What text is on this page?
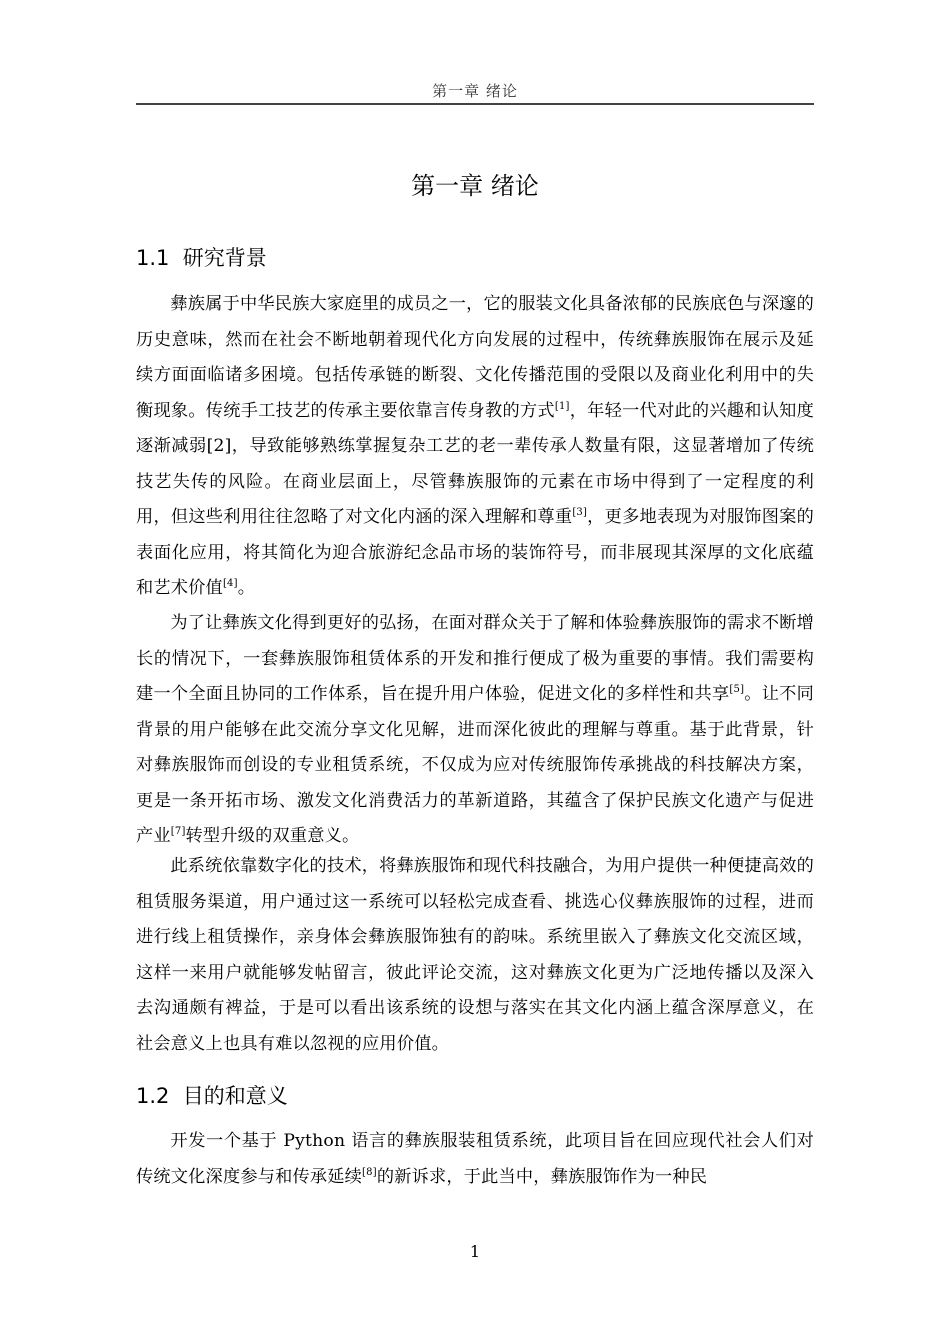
第一章 绪论
第一章 绪论
1.1 研究背景

彝族属于中华民族大家庭里的成员之一，它的服装文化具备浓郁的民族底色与深邃的历史意味，然而在社会不断地朝着现代化方向发展的过程中，传统彝族服饰在展示及延续方面面临诸多困境。包括传承链的断裂、文化传播范围的受限以及商业化利用中的失衡现象。传统手工技艺的传承主要依靠言传身教的方式[1]，年轻一代对此的兴趣和认知度逐渐减弱[2]，导致能够熟练掌握复杂工艺的老一辈传承人数量有限，这显著增加了传统技艺失传的风险。在商业层面上，尽管彝族服饰的元素在市场中得到了一定程度的利用，但这些利用往往忽略了对文化内涵的深入理解和尊重[3]，更多地表现为对服饰图案的表面化应用，将其简化为迎合旅游纪念品市场的装饰符号，而非展现其深厚的文化底蕴和艺术价值[4]。

为了让彝族文化得到更好的弘扬，在面对群众关于了解和体验彝族服饰的需求不断增长的情况下，一套彝族服饰租赁体系的开发和推行便成了极为重要的事情。我们需要构建一个全面且协同的工作体系，旨在提升用户体验，促进文化的多样性和共享[5]。让不同背景的用户能够在此交流分享文化见解，进而深化彼此的理解与尊重。基于此背景，针对彝族服饰而创设的专业租赁系统，不仅成为应对传统服饰传承挑战的科技解决方案，更是一条开拓市场、激发文化消费活力的革新道路，其蕴含了保护民族文化遗产与促进产业[7]转型升级的双重意义。

此系统依靠数字化的技术，将彝族服饰和现代科技融合，为用户提供一种便捷高效的租赁服务渠道，用户通过这一系统可以轻松完成查看、挑选心仪彝族服饰的过程，进而进行线上租赁操作，亲身体会彝族服饰独有的韵味。系统里嵌入了彝族文化交流区域，这样一来用户就能够发帖留言，彼此评论交流，这对彝族文化更为广泛地传播以及深入去沟通颇有裨益，于是可以看出该系统的设想与落实在其文化内涵上蕴含深厚意义，在社会意义上也具有难以忽视的应用价值。

1.2 目的和意义

开发一个基于 Python 语言的彝族服装租赁系统，此项目旨在回应现代社会人们对传统文化深度参与和传承延续[8]的新诉求，于此当中，彝族服饰作为一种民

1
